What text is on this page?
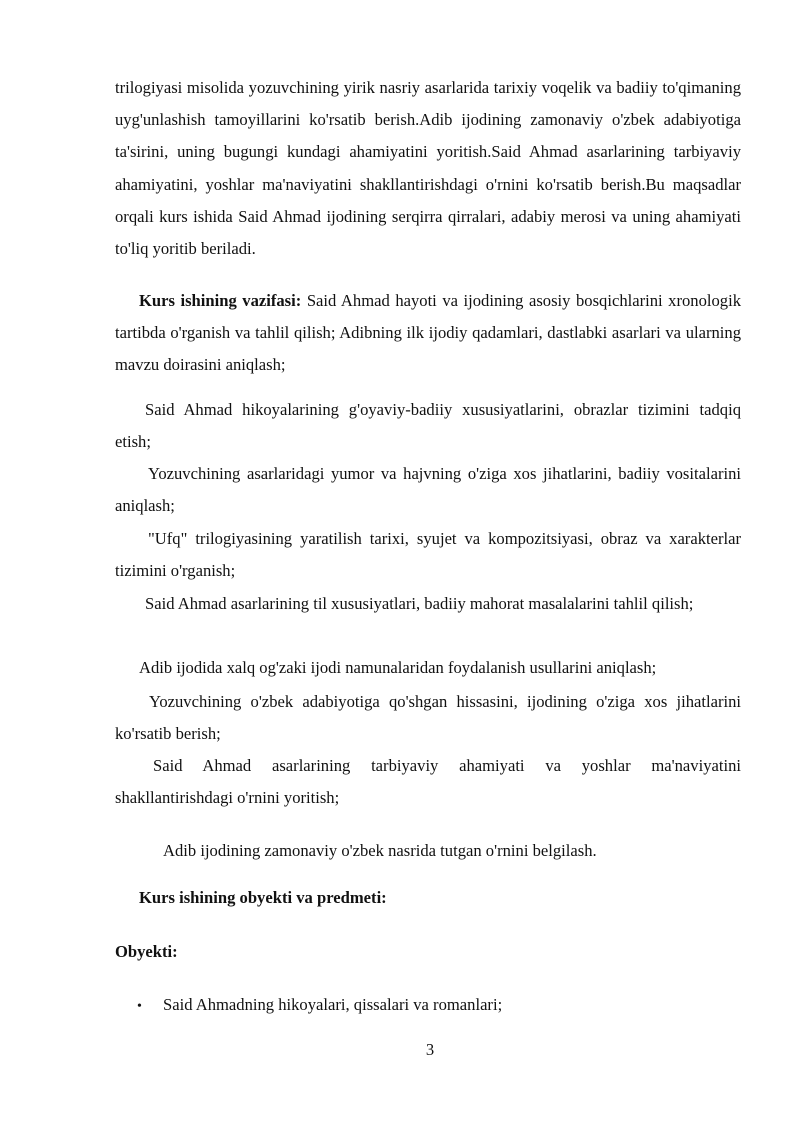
trilogiyasi misolida yozuvchining yirik nasriy asarlarida tarixiy voqelik va badiiy to'qimaning uyg'unlashish tamoyillarini ko'rsatib berish.Adib ijodining zamonaviy o'zbek adabiyotiga ta'sirini, uning bugungi kundagi ahamiyatini yoritish.Said Ahmad asarlarining tarbiyaviy ahamiyatini, yoshlar ma'naviyatini shakllantirishdagi o'rnini ko'rsatib berish.Bu maqsadlar orqali kurs ishida Said Ahmad ijodining serqirra qirralari, adabiy merosi va uning ahamiyati to'liq yoritib beriladi.

Kurs ishining vazifasi: Said Ahmad hayoti va ijodining asosiy bosqichlarini xronologik tartibda o'rganish va tahlil qilish; Adibning ilk ijodiy qadamlari, dastlabki asarlari va ularning mavzu doirasini aniqlash;

Said Ahmad hikoyalarining g'oyaviy-badiiy xususiyatlarini, obrazlar tizimini tadqiq etish;

Yozuvchining asarlaridagi yumor va hajvning o'ziga xos jihatlarini, badiiy vositalarini aniqlash;

"Ufq" trilogiyasining yaratilish tarixi, syujet va kompozitsiyasi, obraz va xarakterlar tizimini o'rganish;

Said Ahmad asarlarining til xususiyatlari, badiiy mahorat masalalarini tahlil qilish;

Adib ijodida xalq og'zaki ijodi namunalaridan foydalanish usullarini aniqlash;

Yozuvchining o'zbek adabiyotiga qo'shgan hissasini, ijodining o'ziga xos jihatlarini ko'rsatib berish;

Said Ahmad asarlarining tarbiyaviy ahamiyati va yoshlar ma'naviyatini shakllantirishdagi o'rnini yoritish;

Adib ijodining zamonaviy o'zbek nasrida tutgan o'rnini belgilash.

Kurs ishining obyekti va predmeti:

Obyekti:

•	Said Ahmadning hikoyalari, qissalari va romanlari;
3
